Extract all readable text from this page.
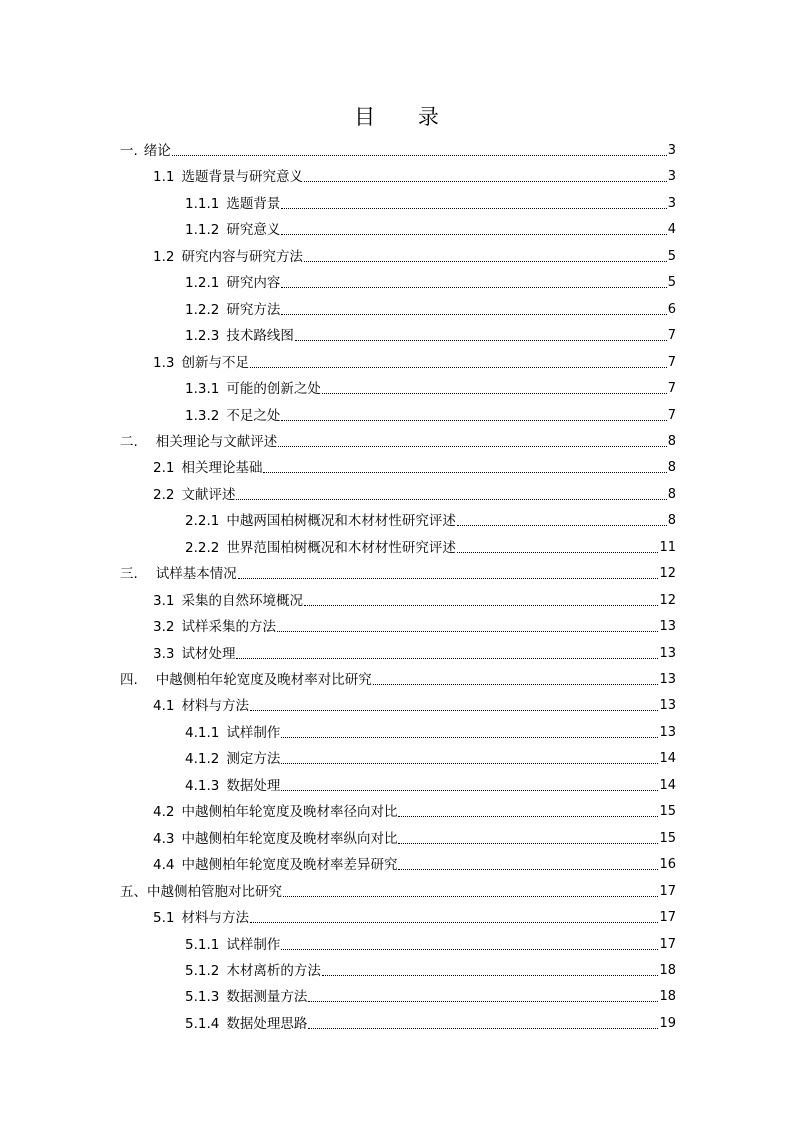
目 录
一. 绪论	3
1.1 选题背景与研究意义	3
1.1.1 选题背景	3
1.1.2 研究意义	4
1.2 研究内容与研究方法	5
1.2.1 研究内容	5
1.2.2 研究方法	6
1.2.3 技术路线图	7
1.3 创新与不足	7
1.3.1 可能的创新之处	7
1.3.2 不足之处	7
二. 相关理论与文献评述	8
2.1 相关理论基础	8
2.2 文献评述	8
2.2.1 中越两国柏树概况和木材材性研究评述	8
2.2.2 世界范围柏树概况和木材材性研究评述	11
三. 试样基本情况	12
3.1 采集的自然环境概况	12
3.2 试样采集的方法	13
3.3 试材处理	13
四. 中越侧柏年轮宽度及晚材率对比研究	13
4.1 材料与方法	13
4.1.1 试样制作	13
4.1.2 测定方法	14
4.1.3 数据处理	14
4.2 中越侧柏年轮宽度及晚材率径向对比	15
4.3 中越侧柏年轮宽度及晚材率纵向对比	15
4.4 中越侧柏年轮宽度及晚材率差异研究	16
五、中越侧柏管胞对比研究	17
5.1 材料与方法	17
5.1.1 试样制作	17
5.1.2 木材离析的方法	18
5.1.3 数据测量方法	18
5.1.4 数据处理思路	19
